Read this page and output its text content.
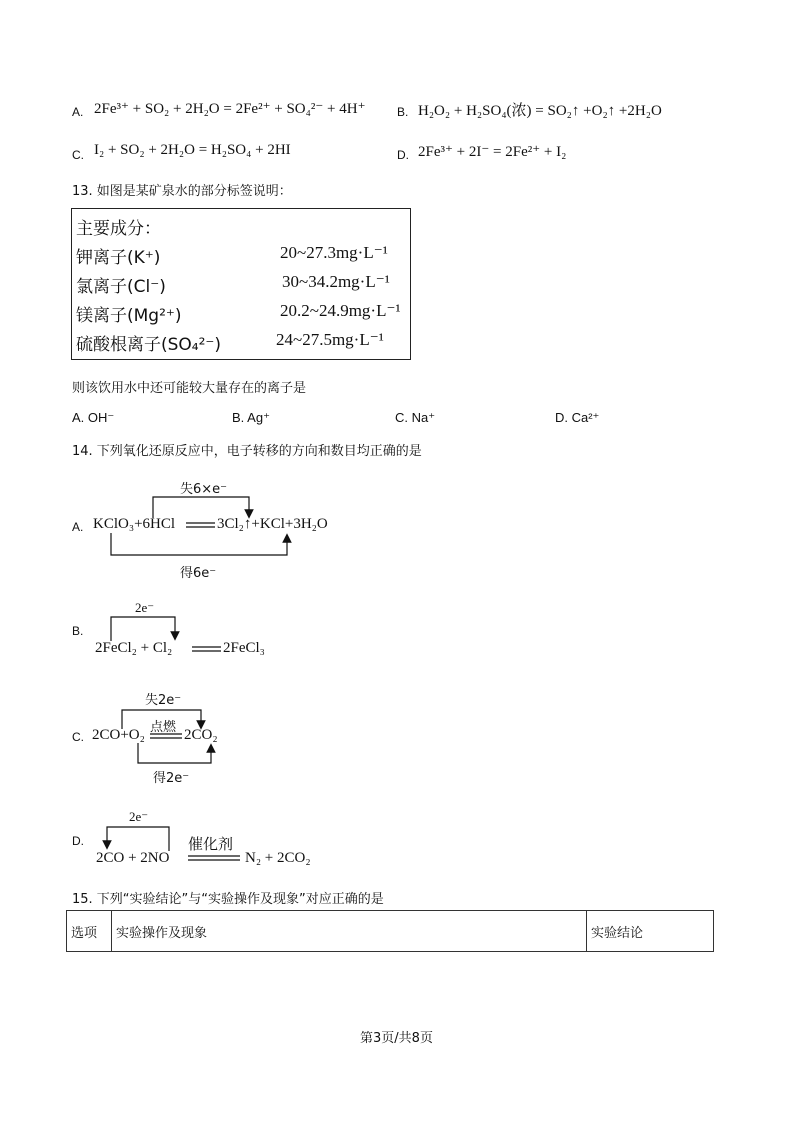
A. 2Fe³⁺ + SO₂ + 2H₂O = 2Fe²⁺ + SO₄²⁻ + 4H⁺	B. H₂O₂ + H₂SO₄(浓) = SO₂↑ +O₂↑ +2H₂O
C. I₂ + SO₂ + 2H₂O = H₂SO₄ + 2HI	D. 2Fe³⁺ + 2I⁻ = 2Fe²⁺ + I₂
13. 如图是某矿泉水的部分标签说明：
主要成分：
钾离子(K⁺)	20~27.3mg·L⁻¹
氯离子(Cl⁻)	30~34.2mg·L⁻¹
镁离子(Mg²⁺)	20.2~24.9mg·L⁻¹
硫酸根离子(SO₄²⁻)	24~27.5mg·L⁻¹
则该饮用水中还可能较大量存在的离子是
A. OH⁻	B. Ag⁺	C. Na⁺	D. Ca²⁺
14. 下列氧化还原反应中，电子转移的方向和数目均正确的是
A.
失6×e⁻
KClO₃+6HCl	3Cl₂↑+KCl+3H₂O
得6e⁻
B.
2e⁻
2FeCl₂ + Cl₂	2FeCl₃
C.
失2e⁻
点燃
2CO+O₂	2CO₂
得2e⁻
D.
2e⁻
催化剂
2CO + 2NO	N₂ + 2CO₂
15. 下列“实验结论”与“实验操作及现象”对应正确的是
选项	实验操作及现象	实验结论
第3页/共8页
